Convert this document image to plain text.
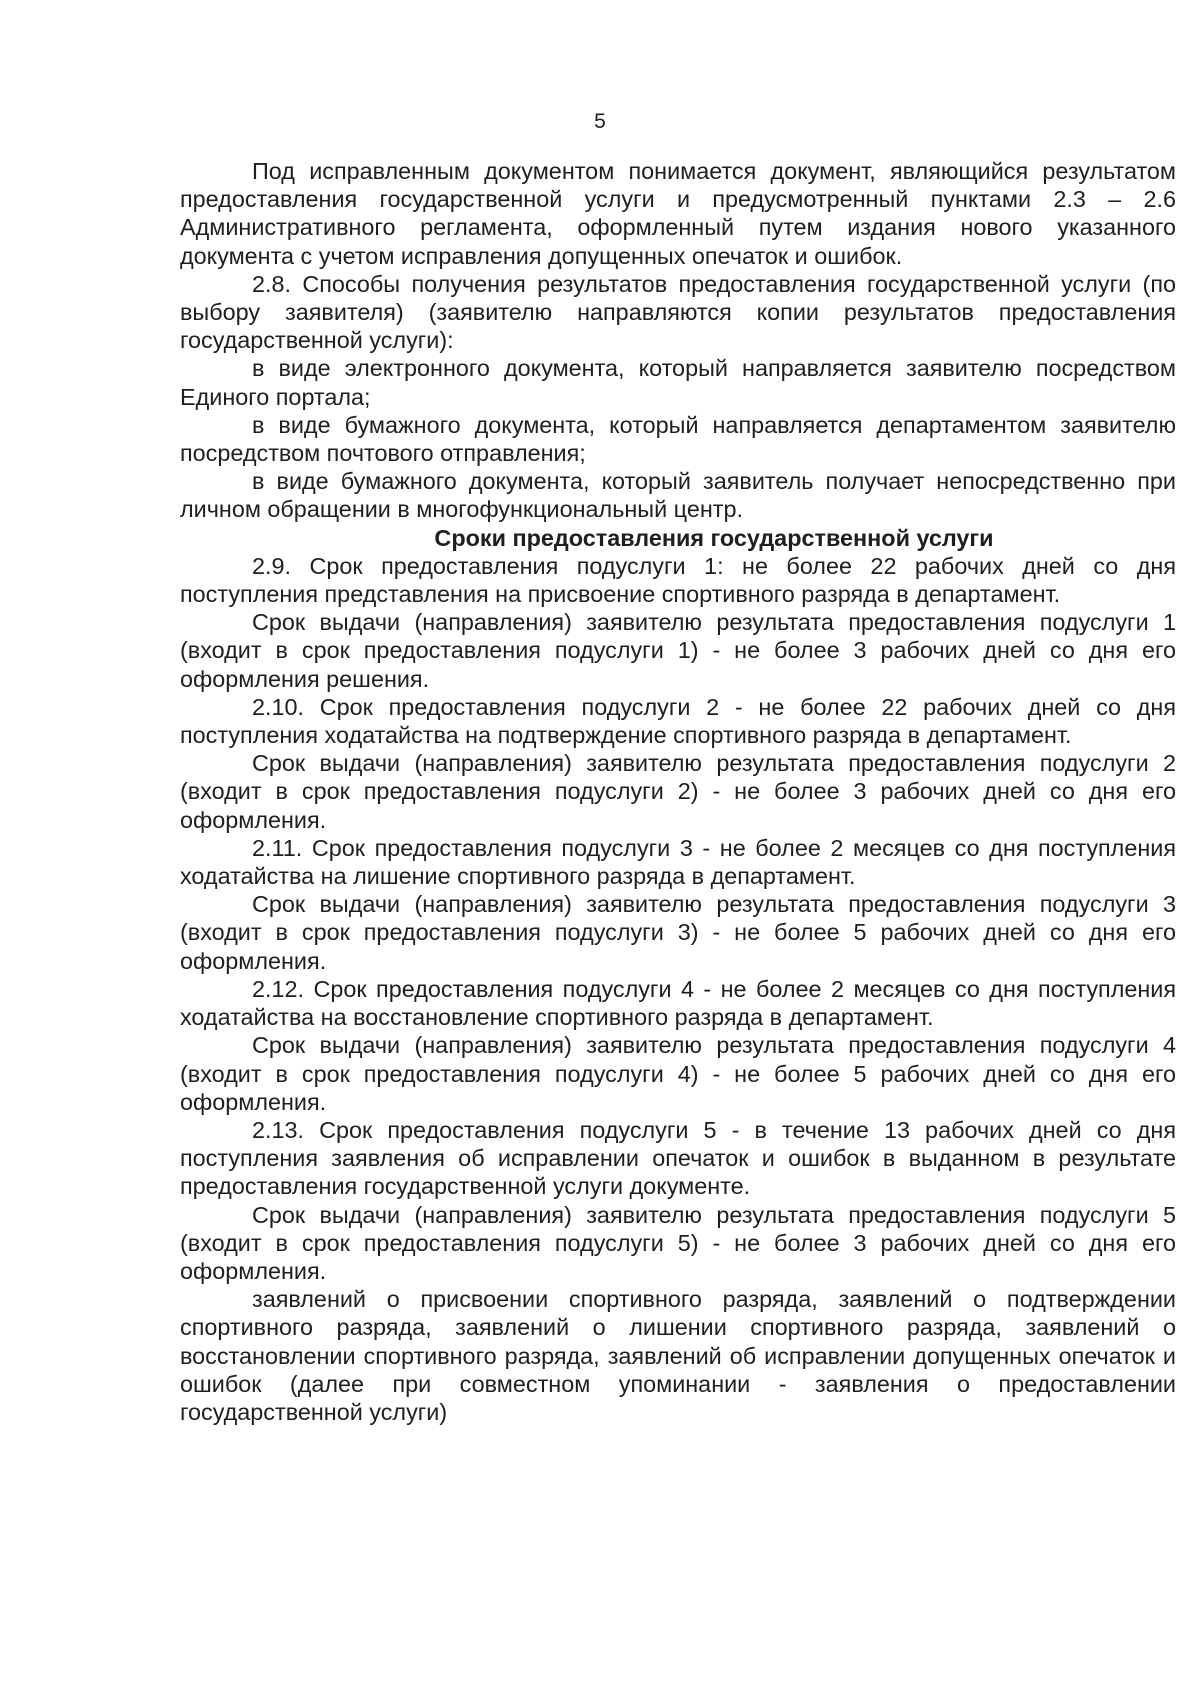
5

Под исправленным документом понимается документ, являющийся результатом предоставления государственной услуги и предусмотренный пунктами 2.3 – 2.6 Административного регламента, оформленный путем издания нового указанного документа с учетом исправления допущенных опечаток и ошибок.

2.8. Способы получения результатов предоставления государственной услуги (по выбору заявителя) (заявителю направляются копии результатов предоставления государственной услуги):

в виде электронного документа, который направляется заявителю посредством Единого портала;

в виде бумажного документа, который направляется департаментом заявителю посредством почтового отправления;

в виде бумажного документа, который заявитель получает непосредственно при личном обращении в многофункциональный центр.

Сроки предоставления государственной услуги

2.9. Срок предоставления подуслуги 1: не более 22 рабочих дней со дня поступления представления на присвоение спортивного разряда в департамент.

Срок выдачи (направления) заявителю результата предоставления подуслуги 1 (входит в срок предоставления подуслуги 1) - не более 3 рабочих дней со дня его оформления решения.

2.10. Срок предоставления подуслуги 2 - не более 22 рабочих дней со дня поступления ходатайства на подтверждение спортивного разряда в департамент.

Срок выдачи (направления) заявителю результата предоставления подуслуги 2 (входит в срок предоставления подуслуги 2) - не более 3 рабочих дней со дня его оформления.

2.11. Срок предоставления подуслуги 3 - не более 2 месяцев со дня поступления ходатайства на лишение спортивного разряда в департамент.

Срок выдачи (направления) заявителю результата предоставления подуслуги 3 (входит в срок предоставления подуслуги 3) - не более 5 рабочих дней со дня его оформления.

2.12. Срок предоставления подуслуги 4 - не более 2 месяцев со дня поступления ходатайства на восстановление спортивного разряда в департамент.

Срок выдачи (направления) заявителю результата предоставления подуслуги 4 (входит в срок предоставления подуслуги 4) - не более 5 рабочих дней со дня его оформления.

2.13. Срок предоставления подуслуги 5 - в течение 13 рабочих дней со дня поступления заявления об исправлении опечаток и ошибок в выданном в результате предоставления государственной услуги документе.

Срок выдачи (направления) заявителю результата предоставления подуслуги 5 (входит в срок предоставления подуслуги 5) - не более 3 рабочих дней со дня его оформления.

заявлений о присвоении спортивного разряда, заявлений о подтверждении спортивного разряда, заявлений о лишении спортивного разряда, заявлений о восстановлении спортивного разряда, заявлений об исправлении допущенных опечаток и ошибок (далее при совместном упоминании - заявления о предоставлении государственной услуги)
